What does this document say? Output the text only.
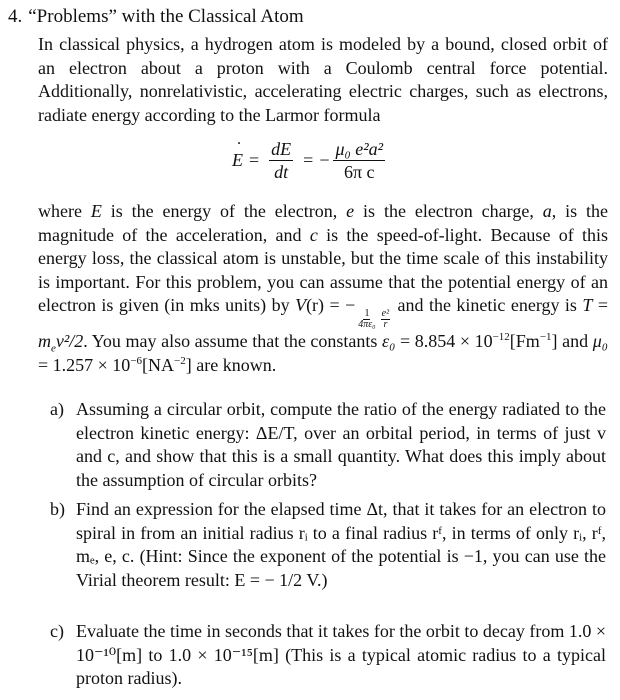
4. “Problems” with the Classical Atom
In classical physics, a hydrogen atom is modeled by a bound, closed orbit of an electron about a proton with a Coulomb central force potential. Additionally, nonrelativistic, accelerating electric charges, such as electrons, radiate energy according to the Larmor formula
˙ $E = \frac{dE}{dt}$ = − $\frac{\text{μ₀ e²a²}}{\text{6π c}}$
where E is the energy of the electron, e is the electron charge, a, is the magnitude of the acceleration, and c is the speed-of-light. Because of this energy loss, the classical atom is unstable, but the time scale of this instability is important. For this problem, you can assume that the potential energy of an electron is given (in mks units) by V(r) = −
$\frac{1}{\text{4πε₀}} \frac{\text{e²}}{r}$
and the kinetic energy is $T = m_ev^2/2$. You may also assume that the constants $\varepsilon_0 = 8.854 \times 10^{-12}[Fm^{-1}]$ and $\mu_0 = 1.257 \times 10^{-6}[NA^{-2}]$ are known.
a) Assuming a circular orbit, compute the ratio of the energy radiated to the electron kinetic energy: ΔE/T, over an orbital period, in terms of just v and c, and show that this is a small quantity. What does this imply about the assumption of circular orbits?
b) Find an expression for the elapsed time Δt, that it takes for an electron to spiral in from an initial radius rᵢ to a final radius rᶠ, in terms of only rᵢ, rᶠ, mₑ, e, c. (Hint: Since the exponent of the potential is −1, you can use the Virial theorem result: E = − 1/2 V.)
c) Evaluate the time in seconds that it takes for the orbit to decay from 1.0 × 10⁻¹⁰[m] to 1.0 × 10⁻¹⁵[m] (This is a typical atomic radius to a typical proton radius).
